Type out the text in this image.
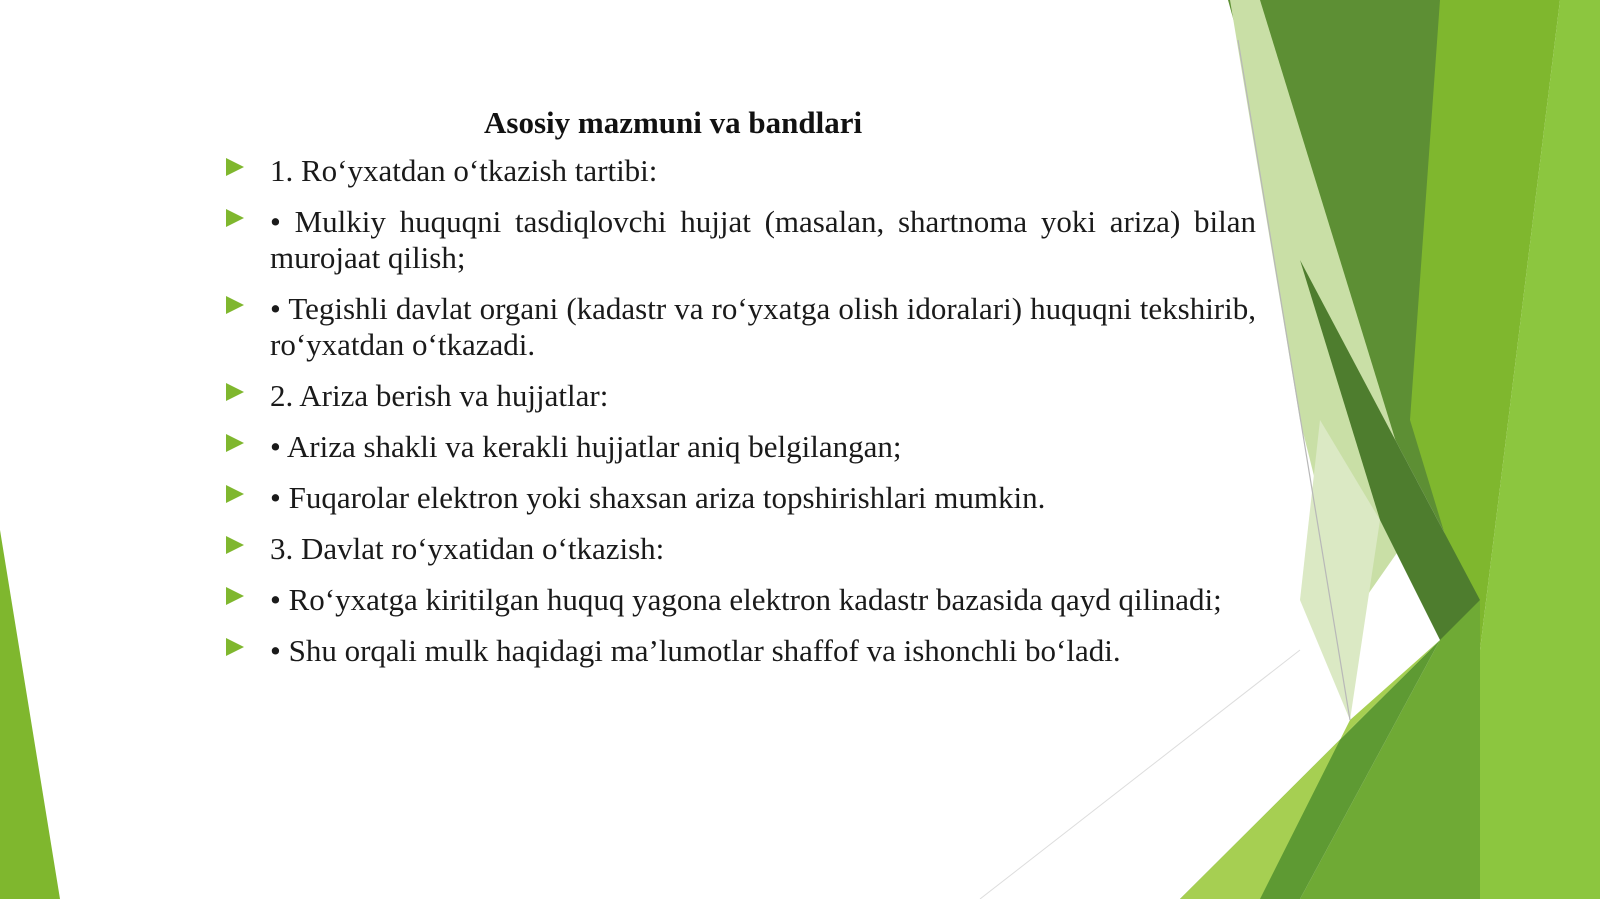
Asosiy mazmuni va bandlari
1. Ro‘yxatdan o‘tkazish tartibi:
• Mulkiy huquqni tasdiqlovchi hujjat (masalan, shartnoma yoki ariza) bilan murojaat qilish;
• Tegishli davlat organi (kadastr va ro‘yxatga olish idoralari) huquqni tekshirib, ro‘yxatdan o‘tkazadi.
2. Ariza berish va hujjatlar:
• Ariza shakli va kerakli hujjatlar aniq belgilangan;
• Fuqarolar elektron yoki shaxsan ariza topshirishlari mumkin.
3. Davlat ro‘yxatidan o‘tkazish:
• Ro‘yxatga kiritilgan huquq yagona elektron kadastr bazasida qayd qilinadi;
• Shu orqali mulk haqidagi ma’lumotlar shaffof va ishonchli bo‘ladi.
